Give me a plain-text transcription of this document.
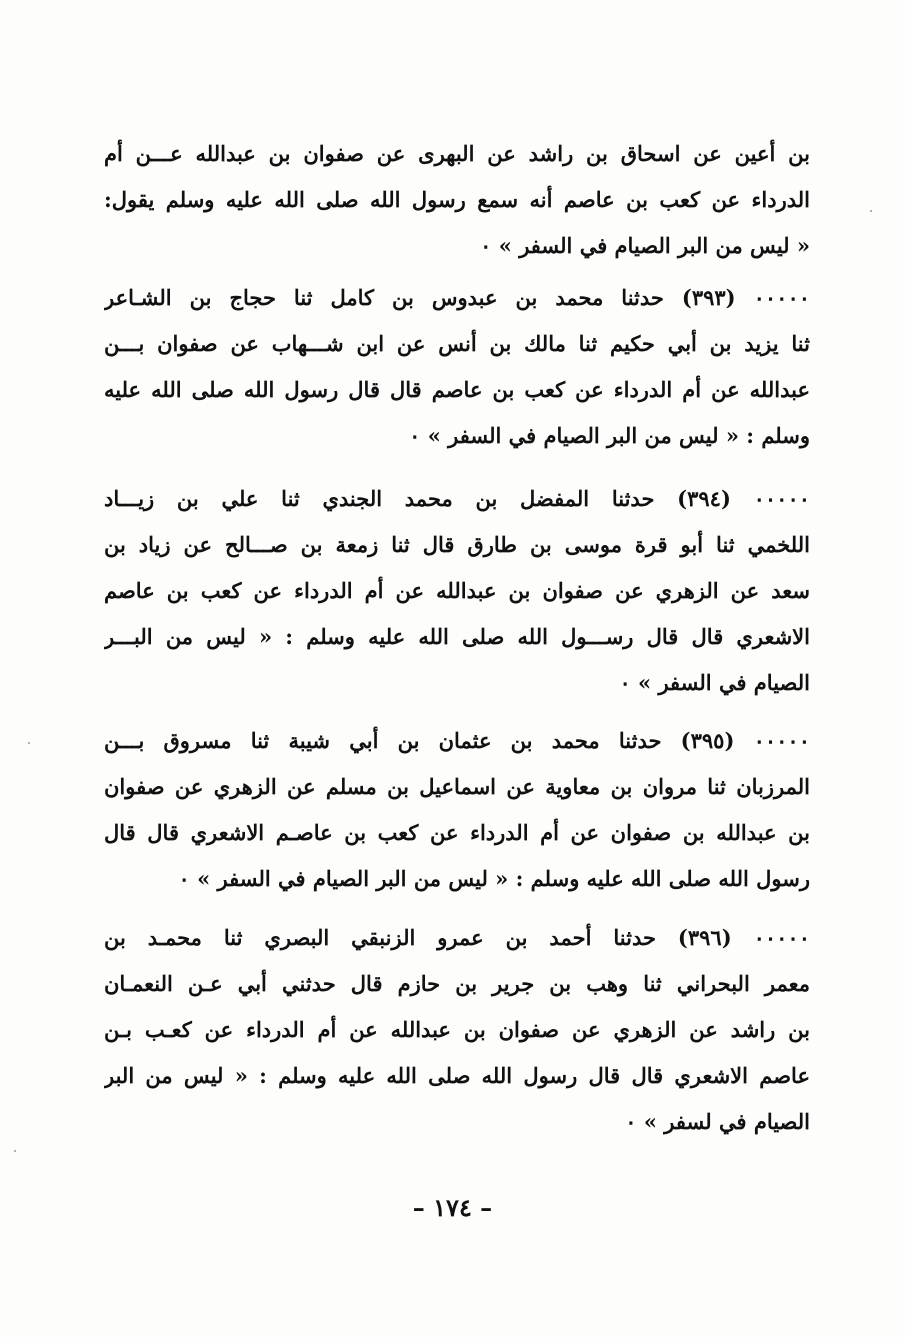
بن أعين عن اسحاق بن راشد عن البهرى عن صفوان بن عبدالله عـــن أم
الدرداء عن كعب بن عاصم أنه سمع رسول الله صلى الله عليه وسلم يقول:
« ليس من البر الصيام في السفر » ٠
٠٠٠٠٠ (٣٩٣) حدثنا محمد بن عبدوس بن كامل ثنا حجاج بن الشـاعر
ثنا يزيد بن أبي حكيم ثنا مالك بن أنس عن ابن شـــهاب عن صفوان بـــن
عبدالله عن أم الدرداء عن كعب بن عاصم قال قال رسول الله صلى الله عليه
وسلم : « ليس من البر الصيام في السفر » ٠
٠٠٠٠٠ (٣٩٤) حدثنا المفضل بن محمد الجندي ثنا علي بن زيـــاد
اللخمي ثنا أبو قرة موسى بن طارق قال ثنا زمعة بن صـــالح عن زياد بن
سعد عن الزهري عن صفوان بن عبدالله عن أم الدرداء عن كعب بن عاصم
الاشعري قال قال رســـول الله صلى الله عليه وسلم : « ليس من البـــر
الصيام في السفر » ٠
٠٠٠٠٠ (٣٩٥) حدثنا محمد بن عثمان بن أبي شيبة ثنا مسروق بـــن
المرزبان ثنا مروان بن معاوية عن اسماعيل بن مسلم عن الزهري عن صفوان
بن عبدالله بن صفوان عن أم الدرداء عن كعب بن عاصـم الاشعري قال قال
رسول الله صلى الله عليه وسلم : « ليس من البر الصيام في السفر » ٠
٠٠٠٠٠ (٣٩٦) حدثنا أحمد بن عمرو الزنبقي البصري ثنا محمـد بن
معمر البحراني ثنا وهب بن جرير بن حازم قال حدثني أبي عـن النعمـان
بن راشد عن الزهري عن صفوان بن عبدالله عن أم الدرداء عن كعـب بـن
عاصم الاشعري قال قال رسول الله صلى الله عليه وسلم : « ليس من البر
الصيام في لسفر » ٠
– ١٧٤ –
